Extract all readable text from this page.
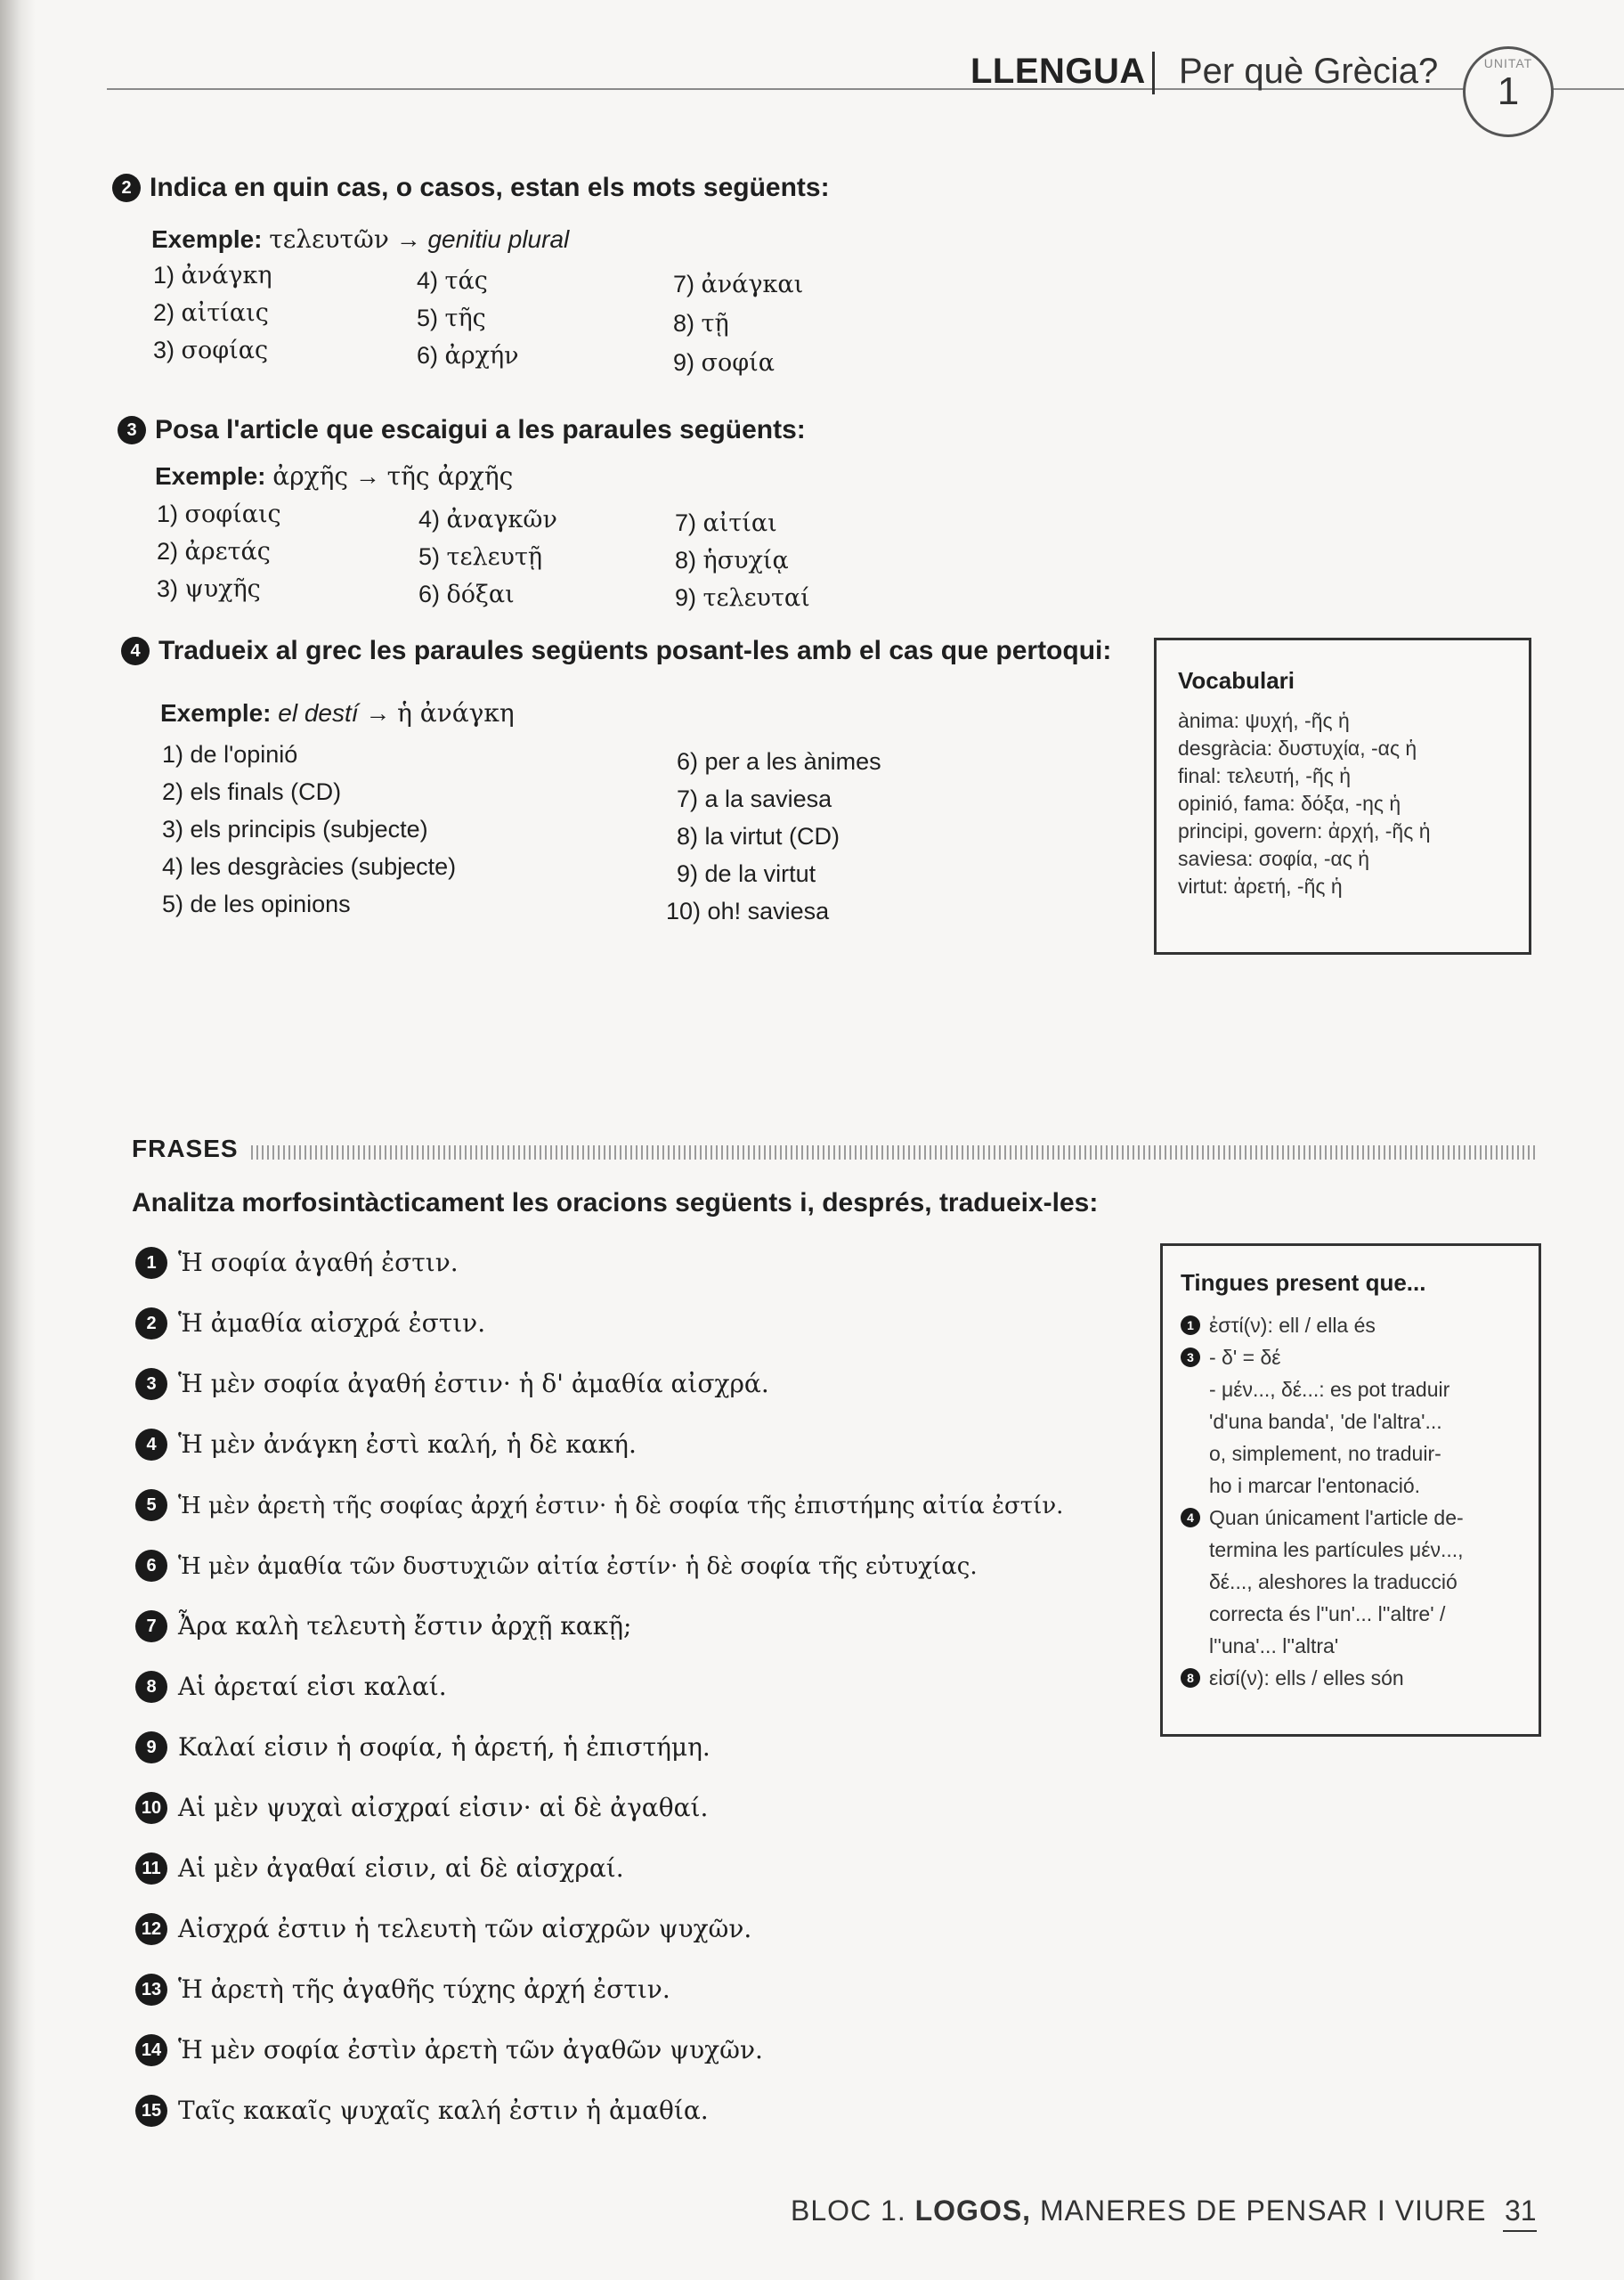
LLENGUA Per què Grècia?	UNITAT
1
2 Indica en quin cas, o casos, estan els mots següents:
Exemple: τελευτῶν → genitiu plural
1) ἀνάγκη
2) αἰτίαις
3) σοφίας
4) τάς
5) τῆς
6) ἀρχήν
7) ἀνάγκαι
8) τῇ
9) σοφία
3 Posa l'article que escaigui a les paraules següents:
Exemple: ἀρχῆς → τῆς ἀρχῆς
1) σοφίαις
2) ἀρετάς
3) ψυχῆς
4) ἀναγκῶν
5) τελευτῇ
6) δόξαι
7) αἰτίαι
8) ἡσυχίᾳ
9) τελευταί
4 Tradueix al grec les paraules següents posant-les amb el cas que pertoqui:
Exemple: el destí → ἡ ἀνάγκη
1) de l'opinió
2) els finals (CD)
3) els principis (subjecte)
4) les desgràcies (subjecte)
5) de les opinions
6) per a les ànimes
7) a la saviesa
8) la virtut (CD)
9) de la virtut
10) oh! saviesa
Vocabulari
ànima: ψυχή, -ῆς ἡ
desgràcia: δυστυχία, -ας ἡ
final: τελευτή, -ῆς ἡ
opinió, fama: δόξα, -ης ἡ
principi, govern: ἀρχή, -ῆς ἡ
saviesa: σοφία, -ας ἡ
virtut: ἀρετή, -ῆς ἡ
FRASES
Analitza morfosintàcticament les oracions següents i, després, tradueix-les:
1 Ἡ σοφία ἀγαθή ἐστιν.
2 Ἡ ἀμαθία αἰσχρά ἐστιν.
3 Ἡ μὲν σοφία ἀγαθή ἐστιν· ἡ δ' ἀμαθία αἰσχρά.
4 Ἡ μὲν ἀνάγκη ἐστὶ καλή, ἡ δὲ κακή.
5 Ἡ μὲν ἀρετὴ τῆς σοφίας ἀρχή ἐστιν· ἡ δὲ σοφία τῆς ἐπιστήμης αἰτία ἐστίν.
6 Ἡ μὲν ἀμαθία τῶν δυστυχιῶν αἰτία ἐστίν· ἡ δὲ σοφία τῆς εὐτυχίας.
7 Ἆρα καλὴ τελευτὴ ἔστιν ἀρχῇ κακῇ;
8 Αἱ ἀρεταί εἰσι καλαί.
9 Καλαί εἰσιν ἡ σοφία, ἡ ἀρετή, ἡ ἐπιστήμη.
10 Αἱ μὲν ψυχαὶ αἰσχραί εἰσιν· αἱ δὲ ἀγαθαί.
11 Αἱ μὲν ἀγαθαί εἰσιν, αἱ δὲ αἰσχραί.
12 Αἰσχρά ἐστιν ἡ τελευτὴ τῶν αἰσχρῶν ψυχῶν.
13 Ἡ ἀρετὴ τῆς ἀγαθῆς τύχης ἀρχή ἐστιν.
14 Ἡ μὲν σοφία ἐστὶν ἀρετὴ τῶν ἀγαθῶν ψυχῶν.
15 Ταῖς κακαῖς ψυχαῖς καλή ἐστιν ἡ ἀμαθία.
Tingues present que...
1 ἐστί(ν): ell / ella és
3 - δ' = δέ
- μέν..., δέ...: es pot traduir
'd'una banda', 'de l'altra'...
o, simplement, no traduir-
ho i marcar l'entonació.
4 Quan únicament l'article de-
termina les partícules μέν...,
δέ..., aleshores la traducció
correcta és l''un'... l''altre' /
l''una'... l''altra'
8 εἰσί(ν): ells / elles són
BLOC 1. LOGOS, MANERES DE PENSAR I VIURE 31
